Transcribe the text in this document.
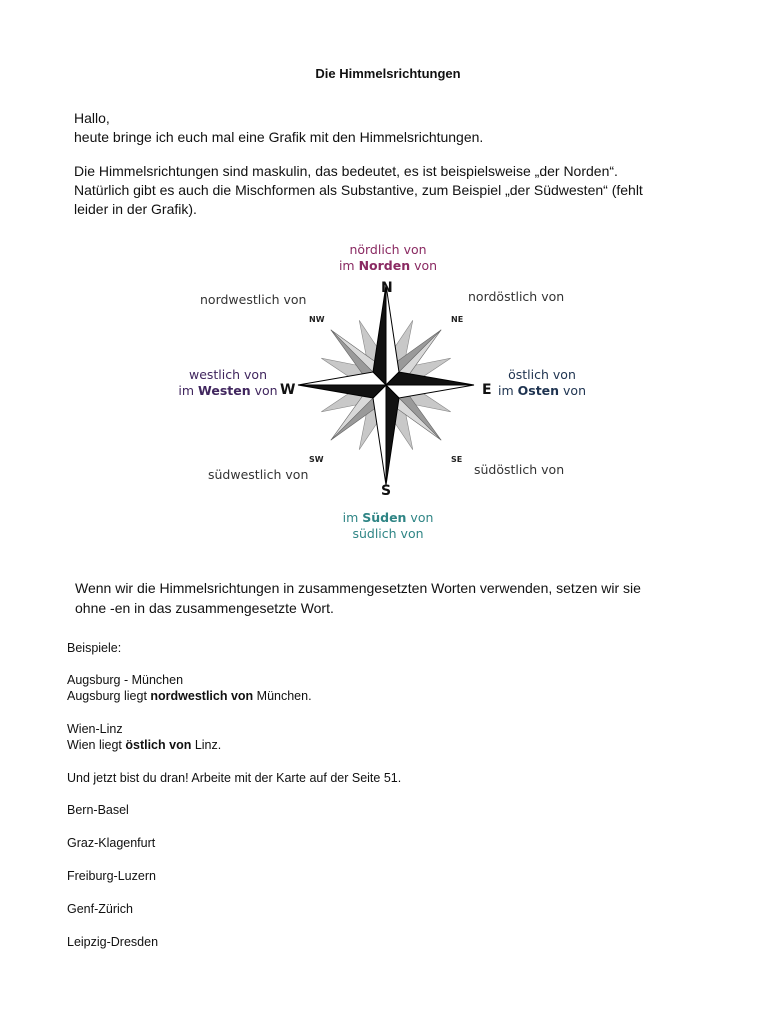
Die Himmelsrichtungen
Hallo,
heute bringe ich euch mal eine Grafik mit den Himmelsrichtungen.
Die Himmelsrichtungen sind maskulin, das bedeutet, es ist beispielsweise „der Norden“.
Natürlich gibt es auch die Mischformen als Substantive, zum Beispiel „der Südwesten“ (fehlt
leider in der Grafik).
N
S
E
W
NW	NE
SW	SE
nördlich von
im Norden von
westlich von
im Westen von
östlich von
im Osten von
im Süden von
südlich von
nordwestlich von	nordöstlich von
südwestlich von	südöstlich von
Wenn wir die Himmelsrichtungen in zusammengesetzten Worten verwenden, setzen wir sie
ohne -en in das zusammengesetzte Wort.
Beispiele:
Augsburg - München
Augsburg liegt nordwestlich von München.
Wien-Linz
Wien liegt östlich von Linz.
Und jetzt bist du dran! Arbeite mit der Karte auf der Seite 51.
Bern-Basel
Graz-Klagenfurt
Freiburg-Luzern
Genf-Zürich
Leipzig-Dresden
